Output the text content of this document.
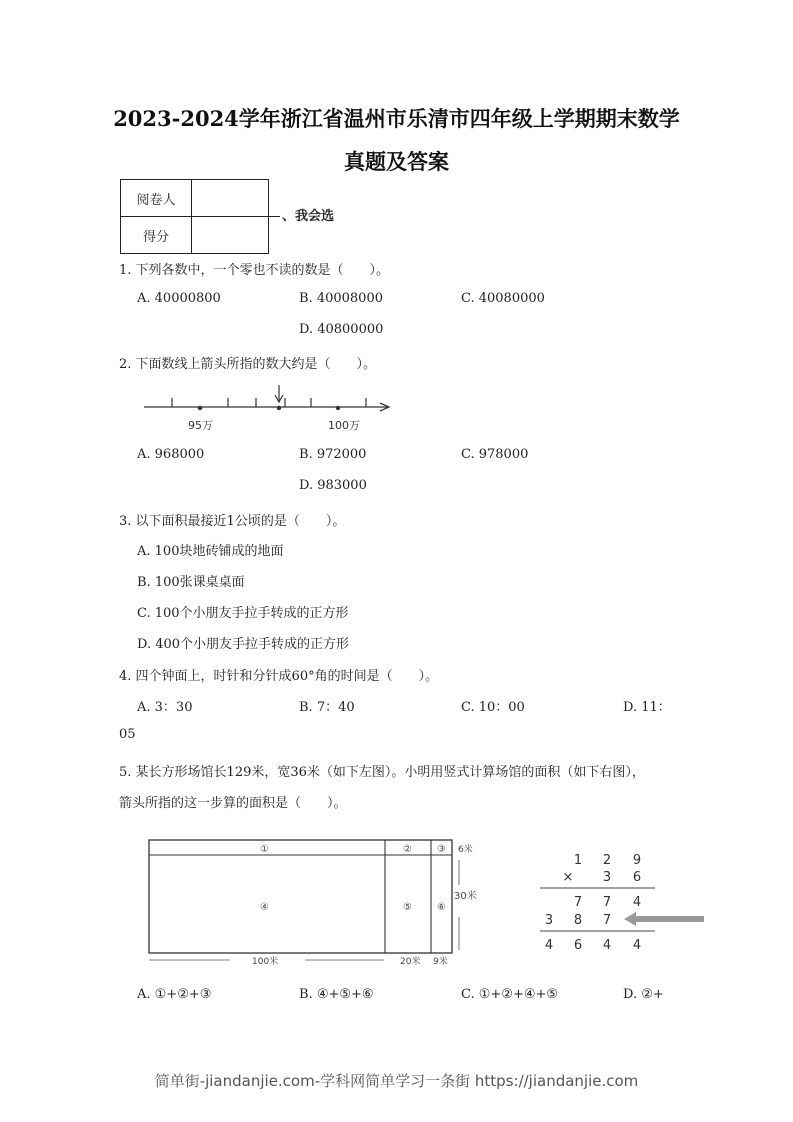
2023-2024学年浙江省温州市乐清市四年级上学期期末数学
真题及答案
阅卷人	
得分	
、我会选
1. 下列各数中，一个零也不读的数是（　　）。
A. 40000800	B. 40008000	C. 40080000
D. 40800000
2. 下面数线上箭头所指的数大约是（　　）。
95万	100万
A. 968000	B. 972000	C. 978000
D. 983000
3. 以下面积最接近1公顷的是（　　）。
A. 100块地砖铺成的地面
B. 100张课桌桌面
C. 100个小朋友手拉手转成的正方形
D. 400个小朋友手拉手转成的正方形
4. 四个钟面上，时针和分针成60°角的时间是（　　）。
A. 3：30	B. 7：40	C. 10：00	D. 11：
05
5. 某长方形场馆长129米，宽36米（如下左图）。小明用竖式计算场馆的面积（如下右图），
箭头所指的这一步算的面积是（　　）。
①	②	③
④	⑤	⑥
6米
30米
100米	20米 9米
1 2 9
× 3 6
7 7 4
3 8 7
4 6 4 4
A. ①+②+③	B. ④+⑤+⑥	C. ①+②+④+⑤	D. ②+
简单街-jiandanjie.com-学科网简单学习一条街 https://jiandanjie.com
